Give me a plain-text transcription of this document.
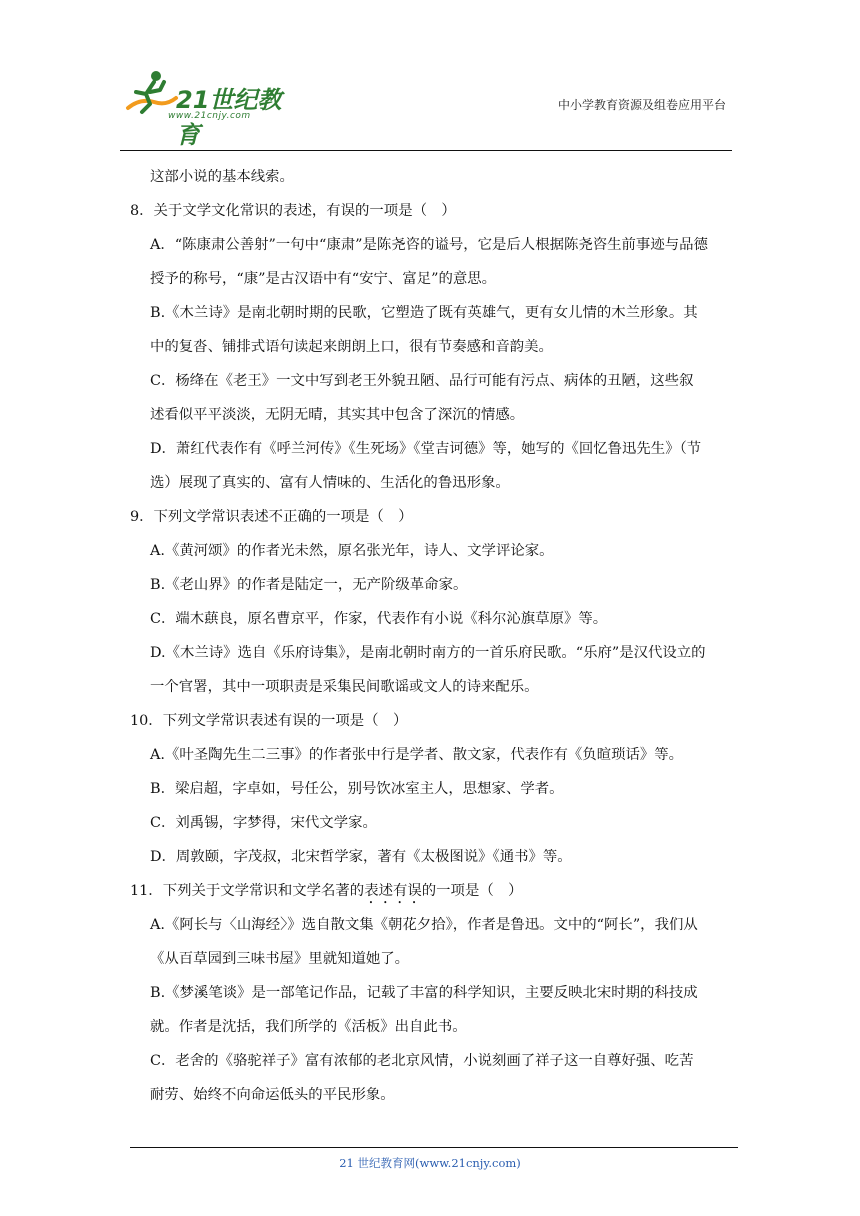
21世纪教育
www.21cnjy.com
中小学教育资源及组卷应用平台

这部小说的基本线索。

8．关于文学文化常识的表述，有误的一项是（　）

A．“陈康肃公善射”一句中“康肃”是陈尧咨的谥号，它是后人根据陈尧咨生前事迹与品德

授予的称号，“康”是古汉语中有“安宁、富足”的意思。

B.《木兰诗》是南北朝时期的民歌，它塑造了既有英雄气，更有女儿情的木兰形象。其

中的复沓、铺排式语句读起来朗朗上口，很有节奏感和音韵美。

C．杨绛在《老王》一文中写到老王外貌丑陋、品行可能有污点、病体的丑陋，这些叙

述看似平平淡淡，无阴无晴，其实其中包含了深沉的情感。

D．萧红代表作有《呼兰河传》《生死场》《堂吉诃德》等，她写的《回忆鲁迅先生》（节

选）展现了真实的、富有人情味的、生活化的鲁迅形象。

9．下列文学常识表述不正确的一项是（　）

A.《黄河颂》的作者光未然，原名张光年，诗人、文学评论家。

B.《老山界》的作者是陆定一，无产阶级革命家。

C．端木蕻良，原名曹京平，作家，代表作有小说《科尔沁旗草原》等。

D.《木兰诗》选自《乐府诗集》，是南北朝时南方的一首乐府民歌。“乐府”是汉代设立的

一个官署，其中一项职责是采集民间歌谣或文人的诗来配乐。

10．下列文学常识表述有误的一项是（　）

A.《叶圣陶先生二三事》的作者张中行是学者、散文家，代表作有《负暄琐话》等。

B．梁启超，字卓如，号任公，别号饮冰室主人，思想家、学者。

C．刘禹锡，字梦得，宋代文学家。

D．周敦颐，字茂叔，北宋哲学家，著有《太极图说》《通书》等。

11．下列关于文学常识和文学名著的表述有误的一项是（　）

A.《阿长与〈山海经〉》选自散文集《朝花夕拾》，作者是鲁迅。文中的“阿长”，我们从

《从百草园到三味书屋》里就知道她了。

B.《梦溪笔谈》是一部笔记作品，记载了丰富的科学知识，主要反映北宋时期的科技成

就。作者是沈括，我们所学的《活板》出自此书。

C．老舍的《骆驼祥子》富有浓郁的老北京风情，小说刻画了祥子这一自尊好强、吃苦

耐劳、始终不向命运低头的平民形象。

21 世纪教育网(www.21cnjy.com)
